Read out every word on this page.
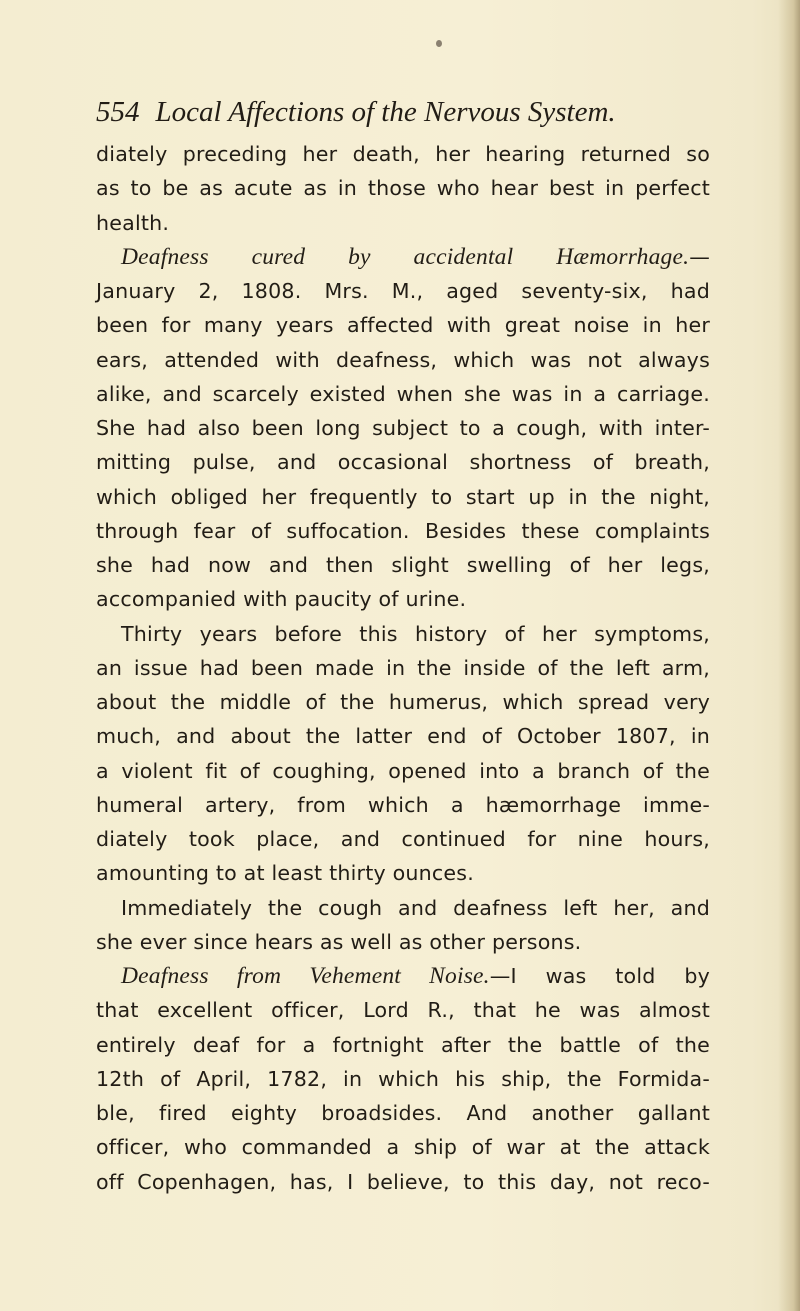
554 Local Affections of the Nervous System.
diately preceding her death, her hearing returned so
as to be as acute as in those who hear best in perfect
health.
Deafness cured by accidental Hæmorrhage.—
January 2, 1808. Mrs. M., aged seventy-six, had
been for many years affected with great noise in her
ears, attended with deafness, which was not always
alike, and scarcely existed when she was in a carriage.
She had also been long subject to a cough, with inter-
mitting pulse, and occasional shortness of breath,
which obliged her frequently to start up in the night,
through fear of suffocation. Besides these complaints
she had now and then slight swelling of her legs,
accompanied with paucity of urine.
Thirty years before this history of her symptoms,
an issue had been made in the inside of the left arm,
about the middle of the humerus, which spread very
much, and about the latter end of October 1807, in
a violent fit of coughing, opened into a branch of the
humeral artery, from which a hæmorrhage imme-
diately took place, and continued for nine hours,
amounting to at least thirty ounces.
Immediately the cough and deafness left her, and
she ever since hears as well as other persons.
Deafness from Vehement Noise.—I was told by
that excellent officer, Lord R., that he was almost
entirely deaf for a fortnight after the battle of the
12th of April, 1782, in which his ship, the Formida-
ble, fired eighty broadsides. And another gallant
officer, who commanded a ship of war at the attack
off Copenhagen, has, I believe, to this day, not reco-
